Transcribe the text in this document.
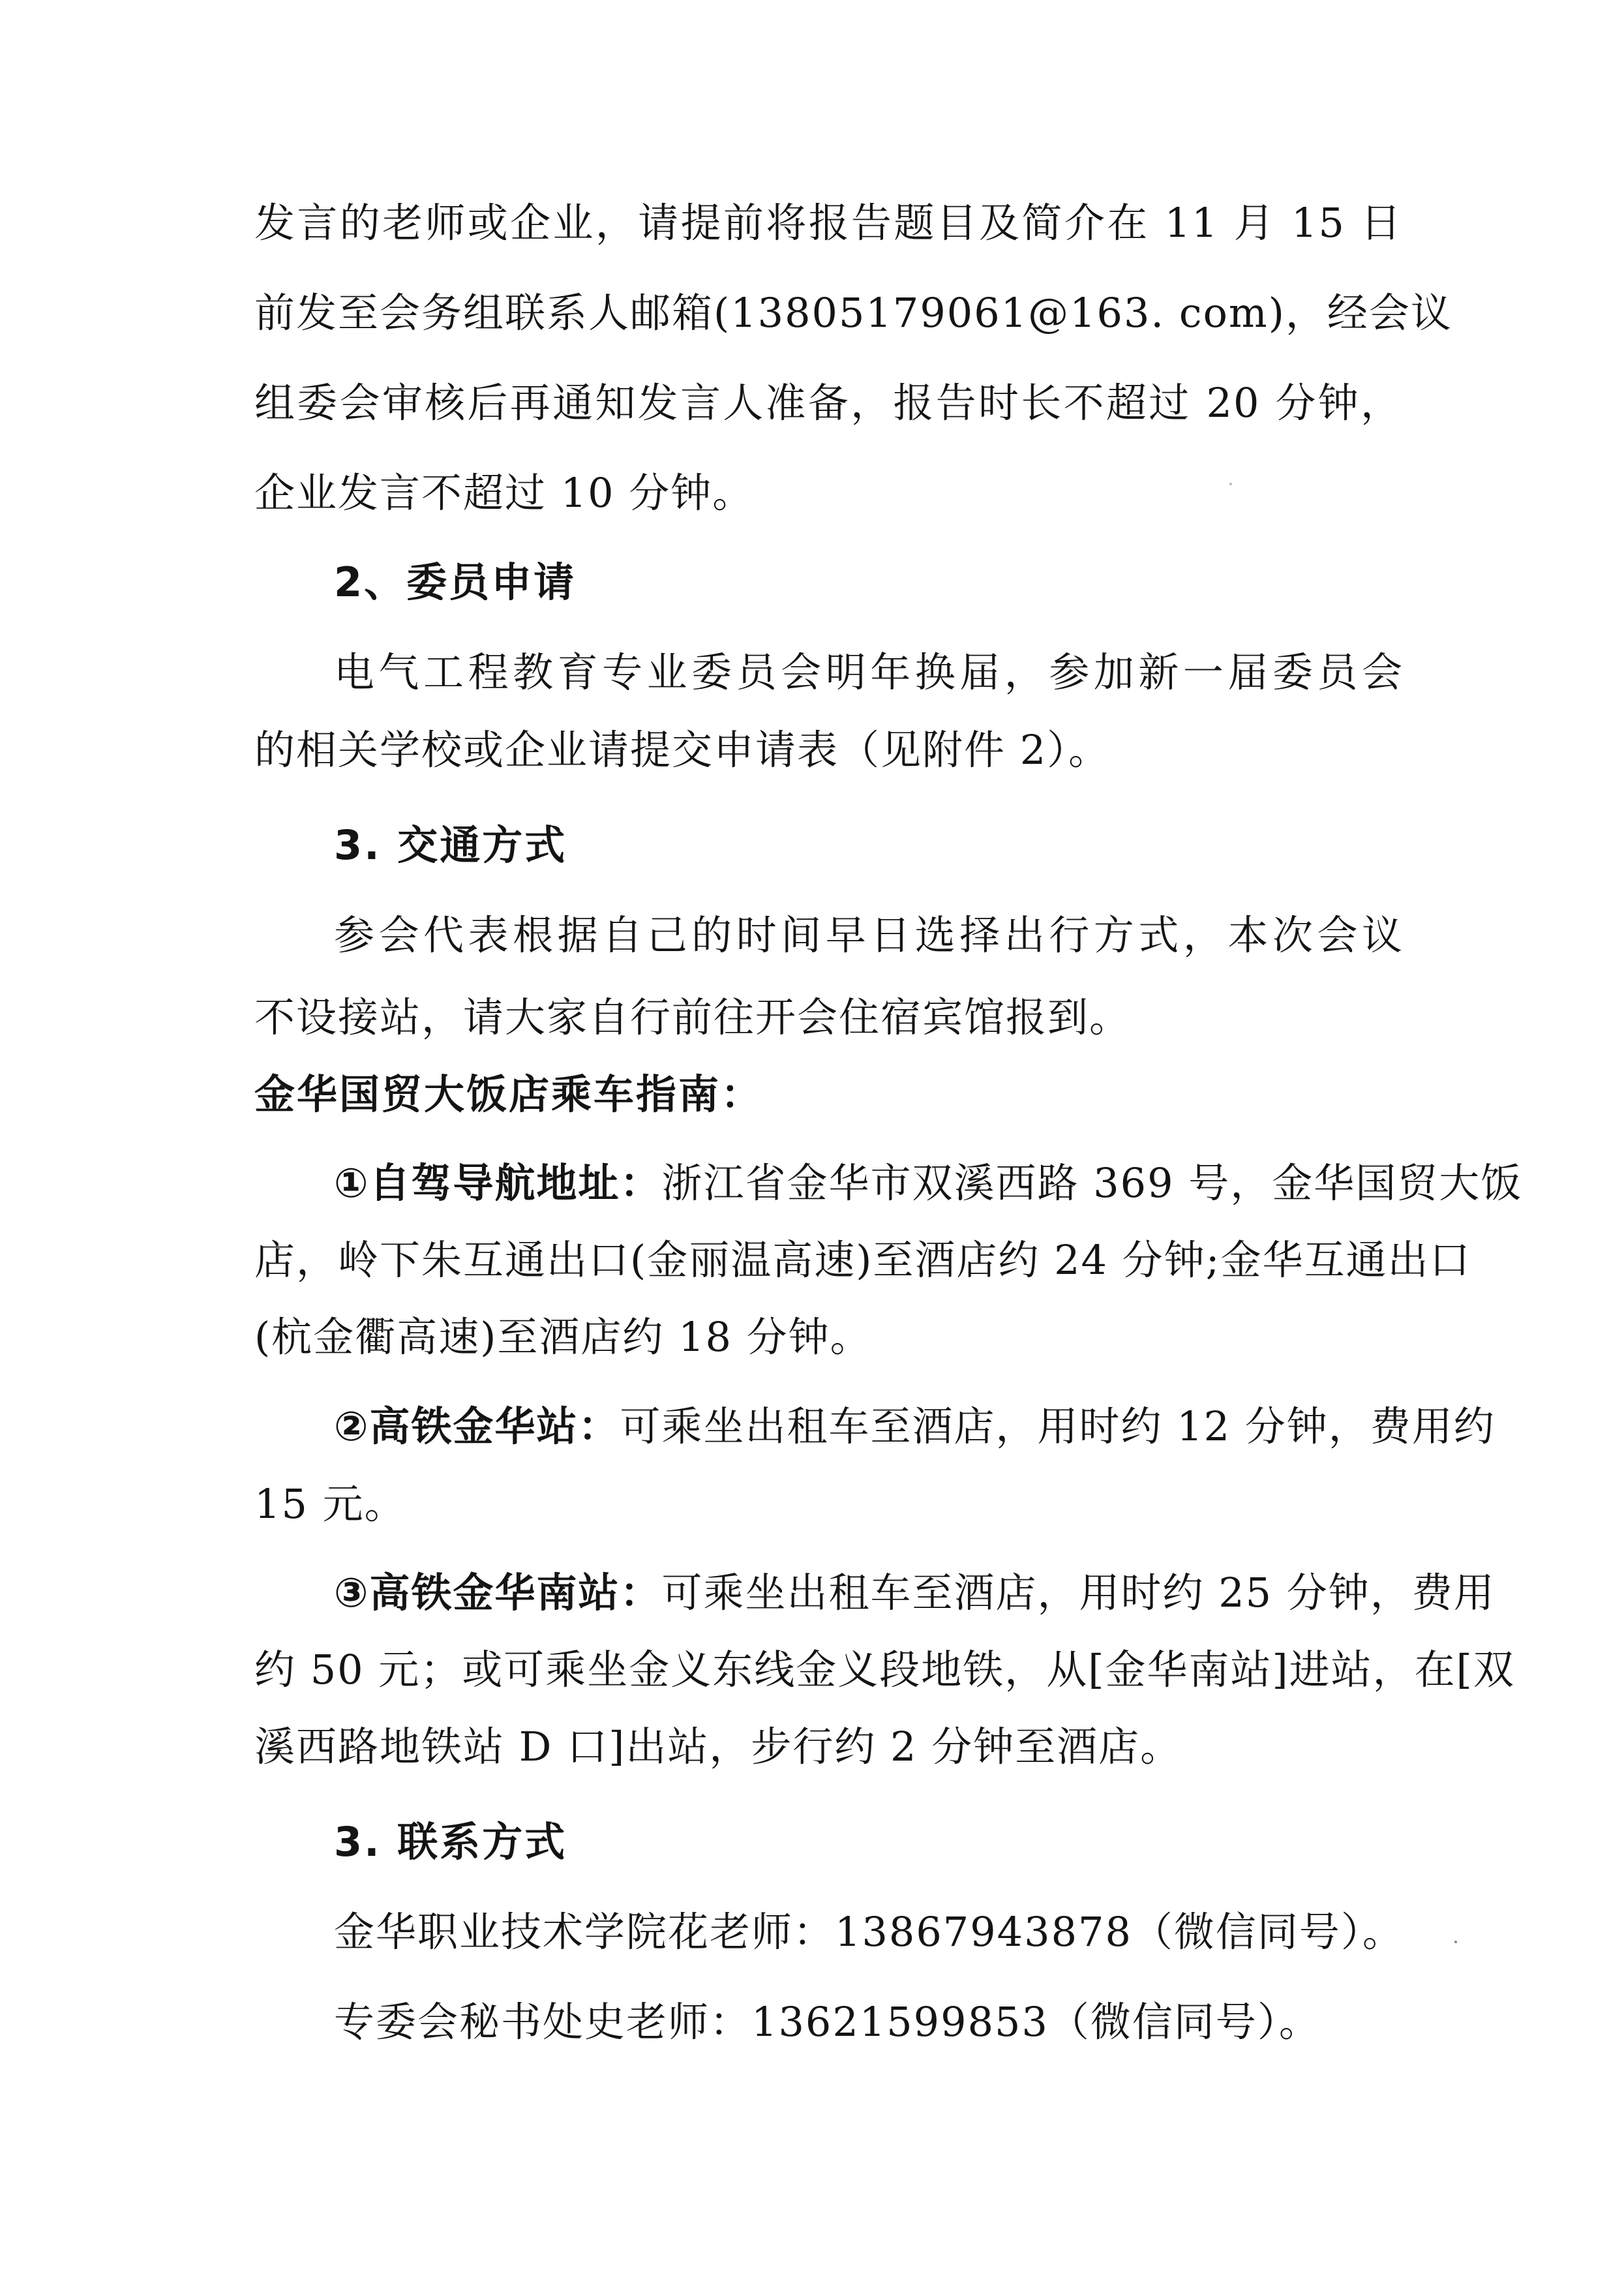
发言的老师或企业，请提前将报告题目及简介在 11 月 15 日
前发至会务组联系人邮箱(13805179061@163. com)，经会议
组委会审核后再通知发言人准备，报告时长不超过 20 分钟，
企业发言不超过 10 分钟。
2、委员申请
电气工程教育专业委员会明年换届，参加新一届委员会
的相关学校或企业请提交申请表（见附件 2）。
3. 交通方式
参会代表根据自己的时间早日选择出行方式，本次会议
不设接站，请大家自行前往开会住宿宾馆报到。
金华国贸大饭店乘车指南：
①自驾导航地址：浙江省金华市双溪西路 369 号，金华国贸大饭
店，岭下朱互通出口(金丽温高速)至酒店约 24 分钟;金华互通出口
(杭金衢高速)至酒店约 18 分钟。
②高铁金华站：可乘坐出租车至酒店，用时约 12 分钟，费用约
15 元。
③高铁金华南站：可乘坐出租车至酒店，用时约 25 分钟，费用
约 50 元；或可乘坐金义东线金义段地铁，从[金华南站]进站，在[双
溪西路地铁站 D 口]出站，步行约 2 分钟至酒店。
3. 联系方式
金华职业技术学院花老师：13867943878（微信同号）。
专委会秘书处史老师：13621599853（微信同号）。
